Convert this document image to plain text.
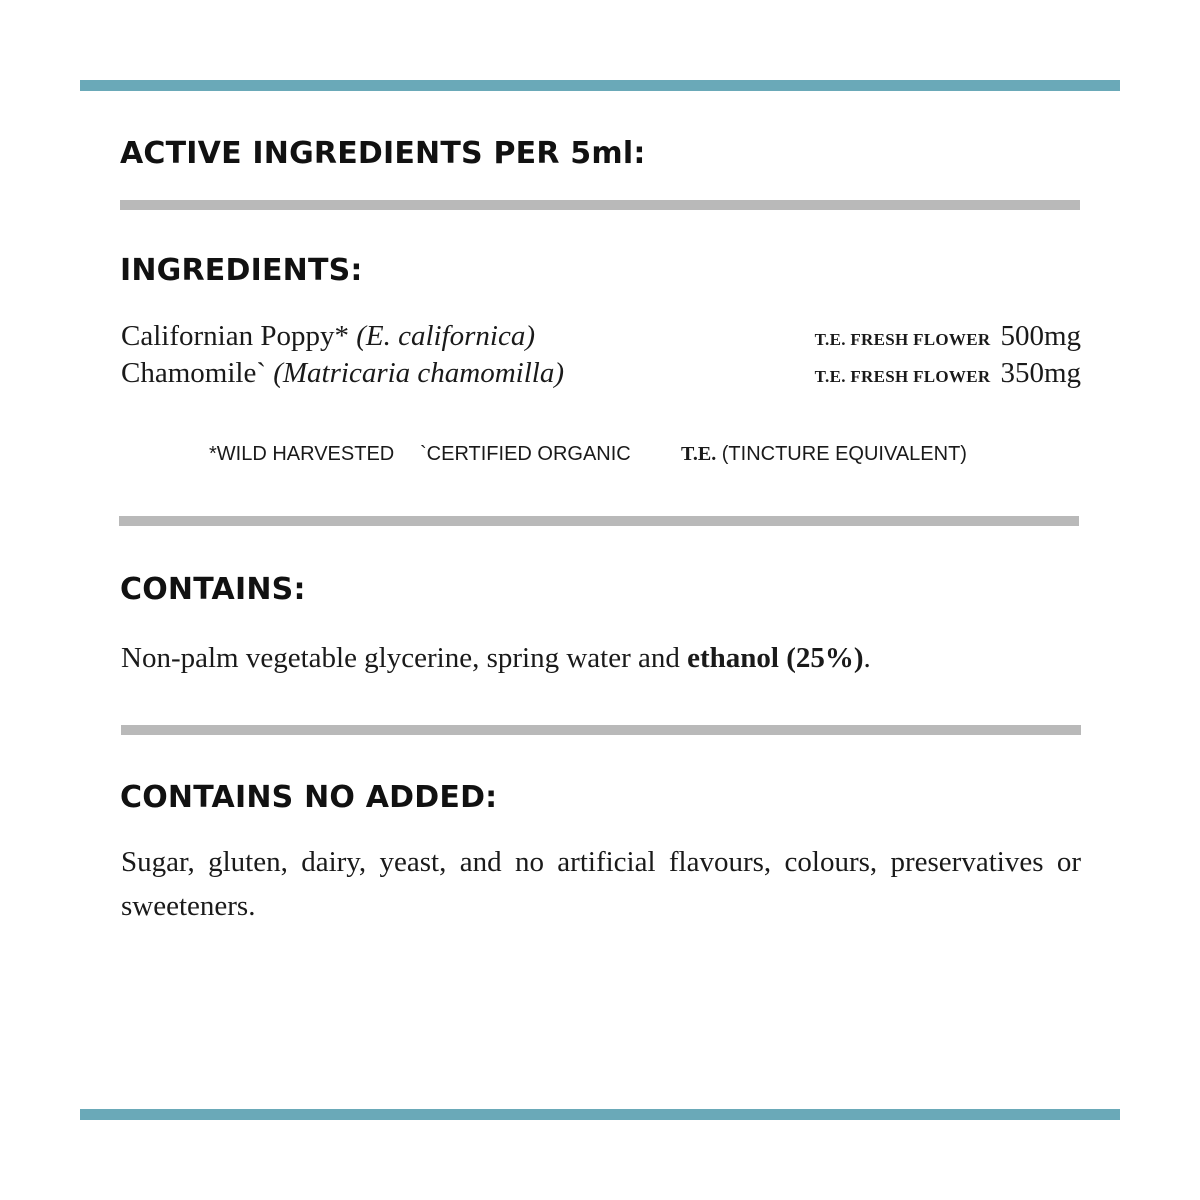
ACTIVE INGREDIENTS PER 5ml:
INGREDIENTS:
Californian Poppy* (E. californica)	T.E. FRESH FLOWER 500mg
Chamomile` (Matricaria chamomilla)	T.E. FRESH FLOWER 350mg
*WILD HARVESTED `CERTIFIED ORGANIC	T.E. (TINCTURE EQUIVALENT)
CONTAINS:

Non-palm vegetable glycerine, spring water and ethanol (25%).

CONTAINS NO ADDED:

Sugar, gluten, dairy, yeast, and no artificial flavours, colours, preservatives or sweeteners.
